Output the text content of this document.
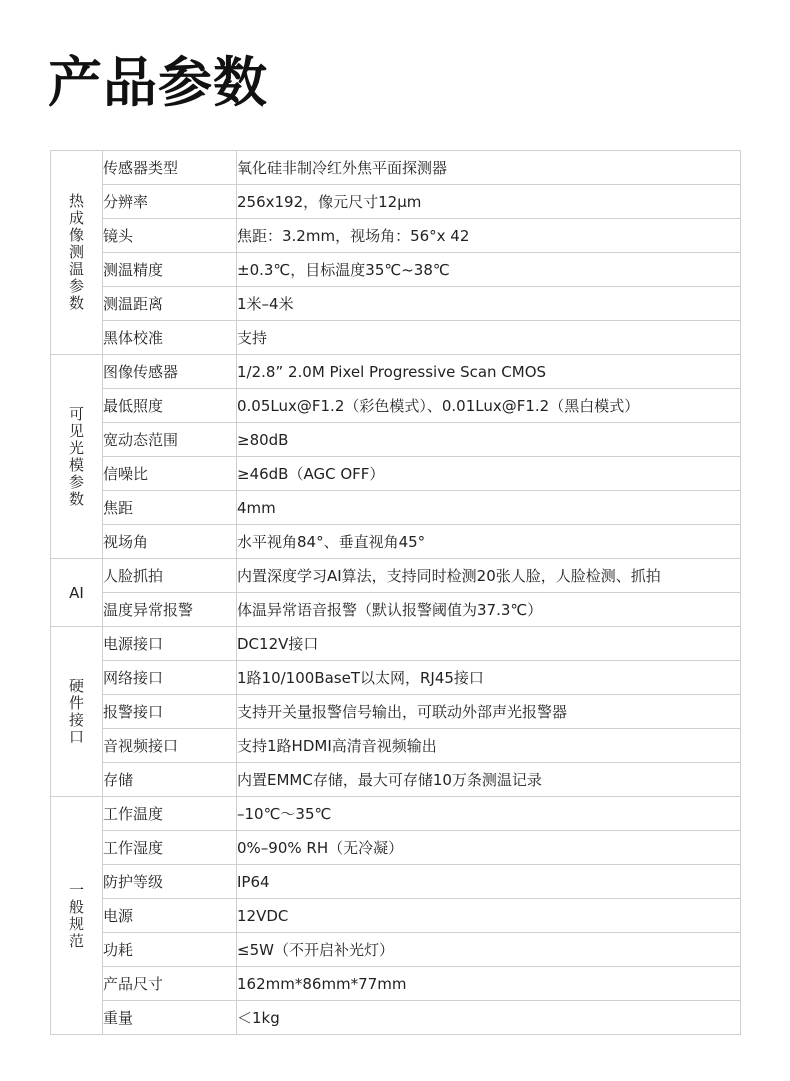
产品参数
热成像测温参数	传感器类型	氧化硅非制冷红外焦平面探测器
	分辨率	256x192，像元尺寸12μm
	镜头	焦距：3.2mm，视场角：56°x 42
	测温精度	±0.3℃，目标温度35℃~38℃
	测温距离	1米–4米
	黑体校准	支持
可见光模参数	图像传感器	1/2.8” 2.0M Pixel Progressive Scan CMOS
	最低照度	0.05Lux@F1.2（彩色模式）、0.01Lux@F1.2（黑白模式）
	宽动态范围	≥80dB
	信噪比	≥46dB（AGC OFF）
	焦距	4mm
	视场角	水平视角84°、垂直视角45°
AI	人脸抓拍	内置深度学习AI算法，支持同时检测20张人脸，人脸检测、抓拍
	温度异常报警	体温异常语音报警（默认报警阈值为37.3℃）
硬件接口	电源接口	DC12V接口
	网络接口	1路10/100BaseT以太网，RJ45接口
	报警接口	支持开关量报警信号输出，可联动外部声光报警器
	音视频接口	支持1路HDMI高清音视频输出
	存储	内置EMMC存储，最大可存储10万条测温记录
一般规范	工作温度	–10℃～35℃
	工作湿度	0%–90% RH（无冷凝）
	防护等级	IP64
	电源	12VDC
	功耗	≤5W（不开启补光灯）
	产品尺寸	162mm*86mm*77mm
	重量	＜1kg
